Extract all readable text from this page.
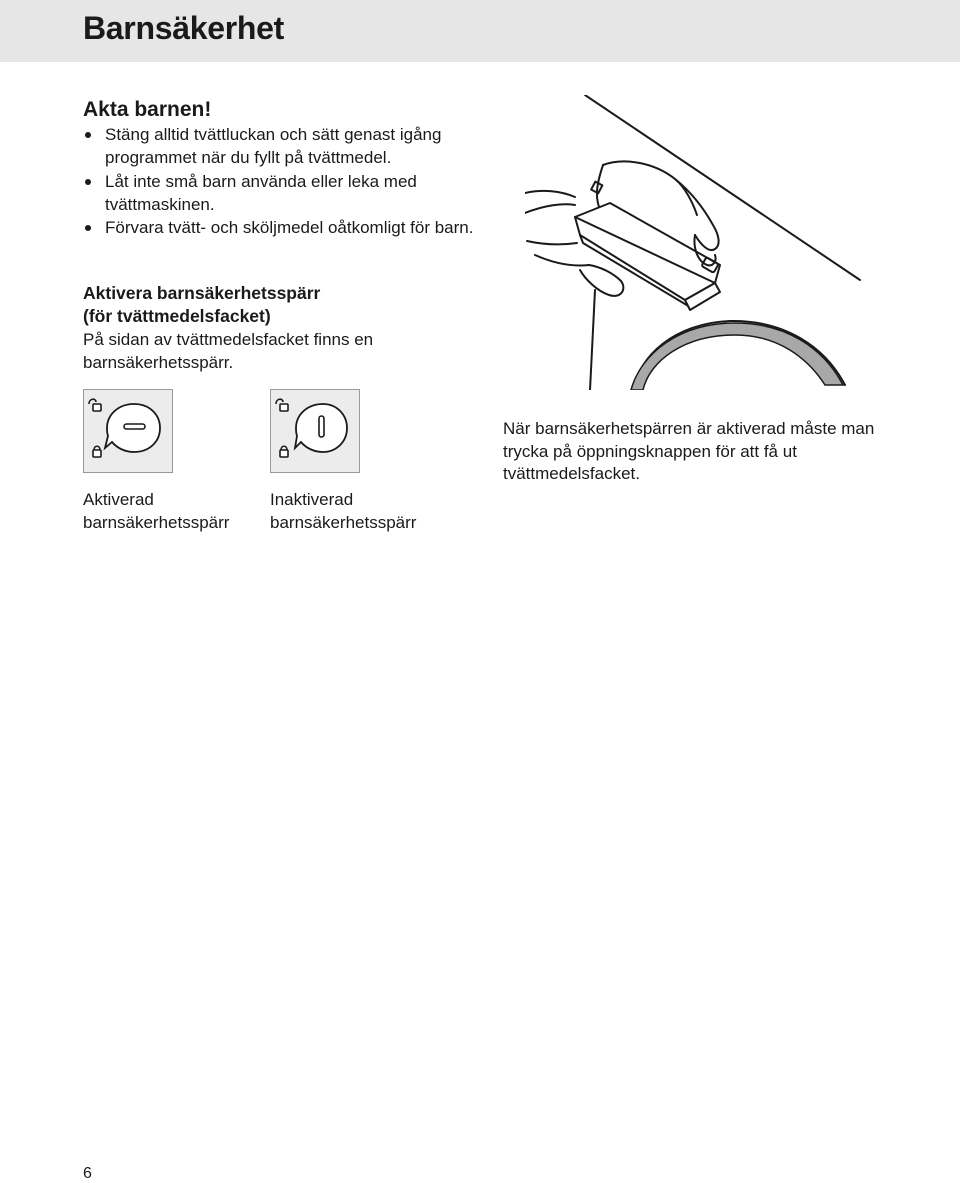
Barnsäkerhet
Akta barnen!
Stäng alltid tvättluckan och sätt genast igång programmet när du fyllt på tvättmedel.
Låt inte små barn använda eller leka med tvättmaskinen.
Förvara tvätt- och sköljmedel oåtkomligt för barn.
Aktivera barnsäkerhetsspärr
(för tvättmedelsfacket)

På sidan av tvättmedelsfacket finns en barnsäkerhetsspärr.

Aktiverad
barnsäkerhetsspärr

Inaktiverad
barnsäkerhetsspärr

När barnsäkerhetspärren är aktiverad måste man trycka på öppningsknappen för att få ut tvättmedelsfacket.

6
